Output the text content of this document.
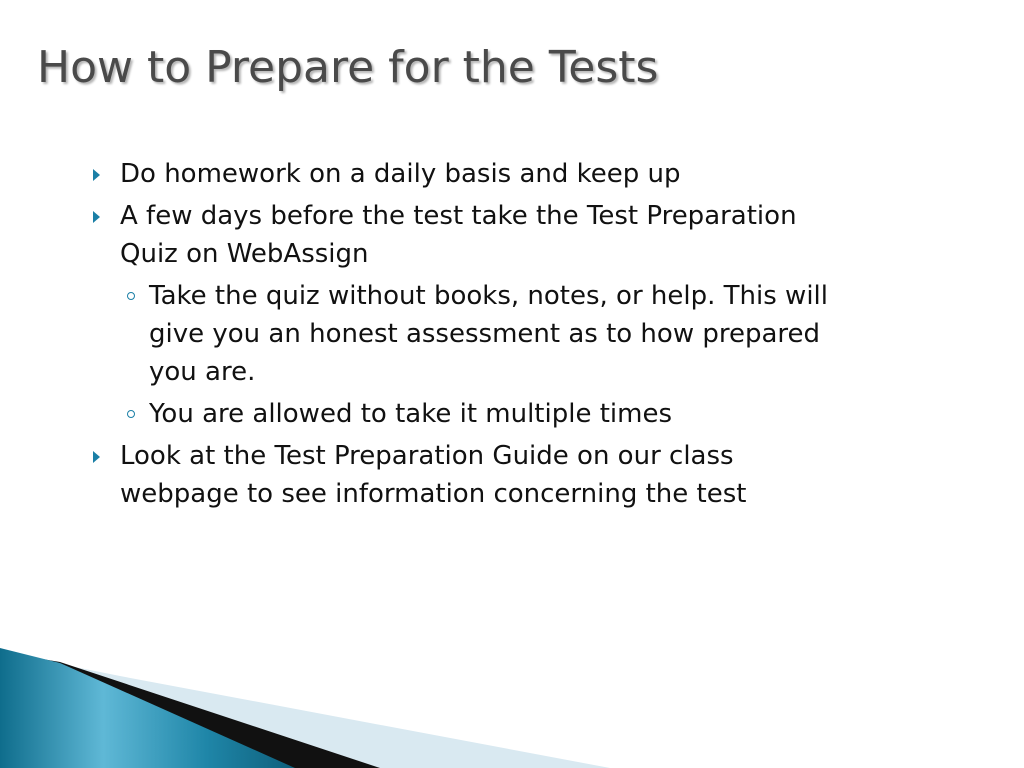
How to Prepare for the Tests
Do homework on a daily basis and keep up
A few days before the test take the Test Preparation Quiz on WebAssign
Take the quiz without books, notes, or help. This will give you an honest assessment as to how prepared you are.
You are allowed to take it multiple times
Look at the Test Preparation Guide on our class webpage to see information concerning the test
